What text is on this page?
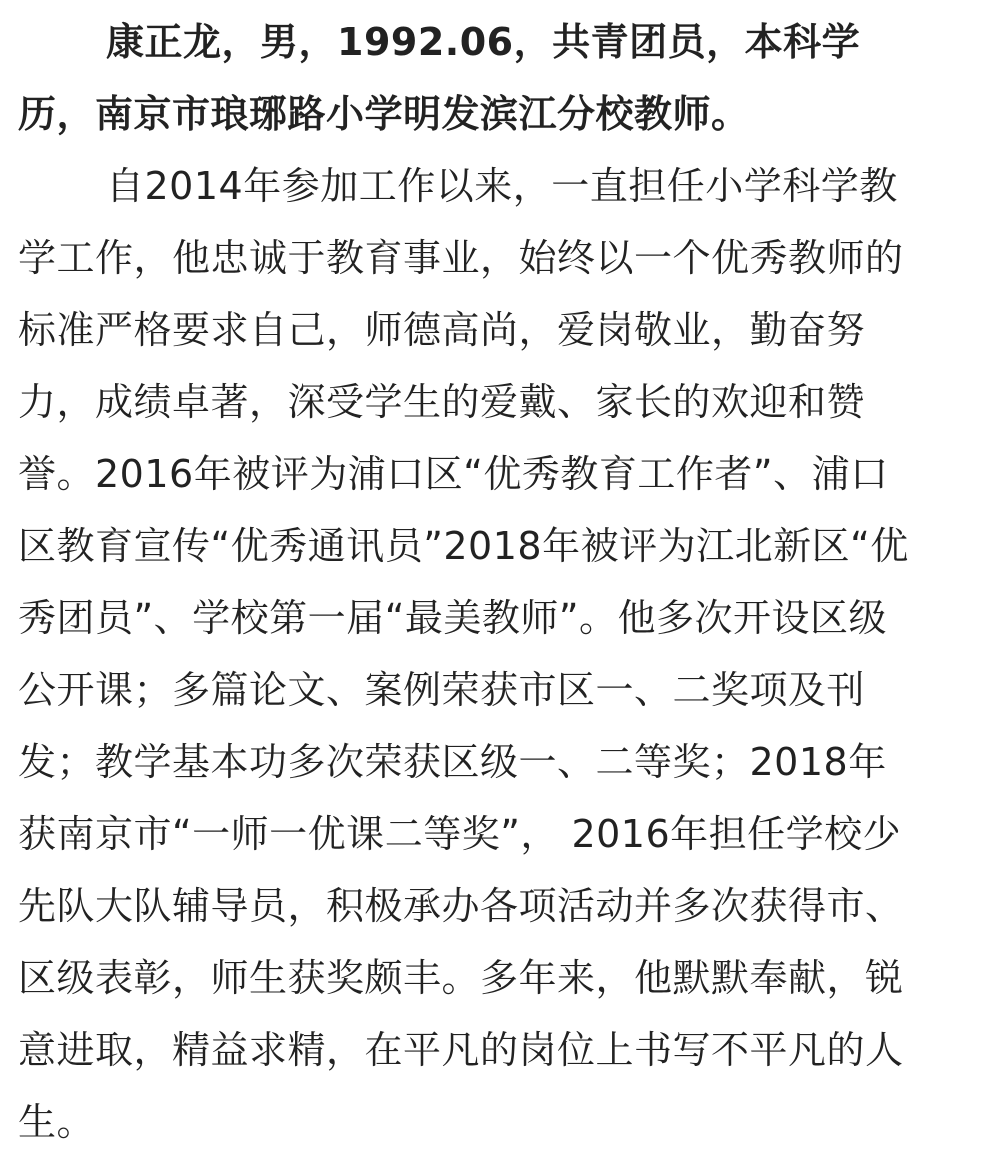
康正龙，男，1992.06，共青团员，本科学
历，南京市琅琊路小学明发滨江分校教师。
自2014年参加工作以来，一直担任小学科学教
学工作，他忠诚于教育事业，始终以一个优秀教师的
标准严格要求自己，师德高尚，爱岗敬业，勤奋努
力，成绩卓著，深受学生的爱戴、家长的欢迎和赞
誉。2016年被评为浦口区“优秀教育工作者”、浦口
区教育宣传“优秀通讯员”2018年被评为江北新区“优
秀团员”、学校第一届“最美教师”。他多次开设区级
公开课；多篇论文、案例荣获市区一、二奖项及刊
发；教学基本功多次荣获区级一、二等奖；2018年
获南京市“一师一优课二等奖”， 2016年担任学校少
先队大队辅导员，积极承办各项活动并多次获得市、
区级表彰，师生获奖颇丰。多年来，他默默奉献，锐
意进取，精益求精，在平凡的岗位上书写不平凡的人
生。
